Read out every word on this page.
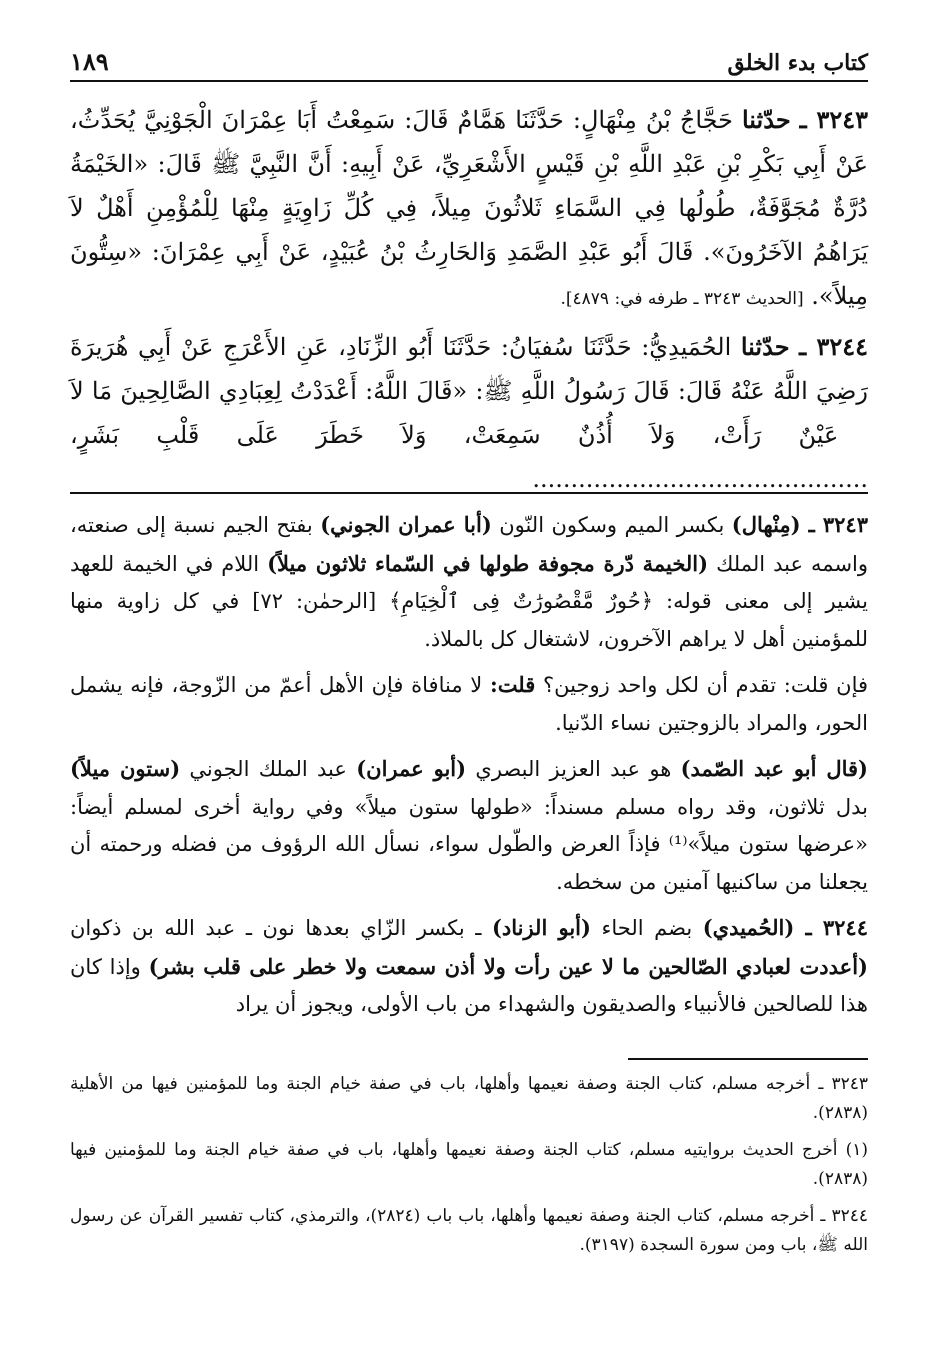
١٨٩	كتاب بدء الخلق

٣٢٤٣ ـ حدّثنا حَجَّاجُ بْنُ مِنْهَالٍ: حَدَّثَنَا هَمَّامٌ قَالَ: سَمِعْتُ أَبَا عِمْرَانَ الْجَوْنِيَّ يُحَدِّثُ، عَنْ أَبِي بَكْرِ بْنِ عَبْدِ اللَّهِ بْنِ قَيْسٍ الأَشْعَرِيِّ، عَنْ أَبِيهِ: أَنَّ النَّبِيَّ ﷺ قَالَ: «الخَيْمَةُ دُرَّةٌ مُجَوَّفَةٌ، طُولُها فِي السَّمَاءِ ثَلاثُونَ مِيلاً، فِي كُلِّ زَاوِيَةٍ مِنْهَا لِلْمُؤْمِنِ أَهْلٌ لاَ يَرَاهُمُ الآخَرُونَ». قَالَ أَبُو عَبْدِ الصَّمَدِ وَالحَارِثُ بْنُ عُبَيْدٍ، عَنْ أَبِي عِمْرَانَ: «سِتُّونَ مِيلاً». [الحديث ٣٢٤٣ ـ طرفه في: ٤٨٧٩].

٣٢٤٤ ـ حدّثنا الحُمَيدِيُّ: حَدَّثَنَا سُفيَانُ: حَدَّثَنَا أَبُو الزِّنَادِ، عَنِ الأَعْرَجِ عَنْ أَبِي هُرَيرَةَ رَضِيَ اللَّهُ عَنْهُ قَالَ: قَالَ رَسُولُ اللَّهِ ﷺ: «قَالَ اللَّهُ: أَعْدَدْتُ لِعِبَادِي الصَّالِحِينَ مَا لاَ عَيْنٌ رَأَتْ، وَلاَ أُذُنٌ سَمِعَتْ، وَلاَ خَطَرَ عَلَى قَلْبِ بَشَرٍ، ............................................

٣٢٤٣ ـ (مِنْهال) بكسر الميم وسكون النّون (أبا عمران الجوني) بفتح الجيم نسبة إلى صنعته، واسمه عبد الملك (الخيمة دّرة مجوفة طولها في السّماء ثلاثون ميلاً) اللام في الخيمة للعهد يشير إلى معنى قوله: ﴿حُورٌ مَّقْصُورَٰتٌ فِى ٱلْخِيَامِ﴾ [الرحمٰن: ٧٢] في كل زاوية منها للمؤمنين أهل لا يراهم الآخرون، لاشتغال كل بالملاذ.

فإن قلت: تقدم أن لكل واحد زوجين؟ قلت: لا منافاة فإن الأهل أعمّ من الزّوجة، فإنه يشمل الحور، والمراد بالزوجتين نساء الدّنيا.

(قال أبو عبد الصّمد) هو عبد العزيز البصري (أبو عمران) عبد الملك الجوني (ستون ميلاً) بدل ثلاثون، وقد رواه مسلم مسنداً: «طولها ستون ميلاً» وفي رواية أخرى لمسلم أيضاً: «عرضها ستون ميلاً»⁽¹⁾ فإذاً العرض والطّول سواء، نسأل الله الرؤوف من فضله ورحمته أن يجعلنا من ساكنيها آمنين من سخطه.

٣٢٤٤ ـ (الحُميدي) بضم الحاء (أبو الزناد) ـ بكسر الزّاي بعدها نون ـ عبد الله بن ذكوان (أعددت لعبادي الصّالحين ما لا عين رأت ولا أذن سمعت ولا خطر على قلب بشر) وإذا كان هذا للصالحين فالأنبياء والصديقون والشهداء من باب الأولى، ويجوز أن يراد

٣٢٤٣ ـ أخرجه مسلم، كتاب الجنة وصفة نعيمها وأهلها، باب في صفة خيام الجنة وما للمؤمنين فيها من الأهلية (٢٨٣٨).

(١) أخرج الحديث بروايتيه مسلم، كتاب الجنة وصفة نعيمها وأهلها، باب في صفة خيام الجنة وما للمؤمنين فيها (٢٨٣٨).

٣٢٤٤ ـ أخرجه مسلم، كتاب الجنة وصفة نعيمها وأهلها، باب باب (٢٨٢٤)، والترمذي، كتاب تفسير القرآن عن رسول الله ﷺ، باب ومن سورة السجدة (٣١٩٧).
